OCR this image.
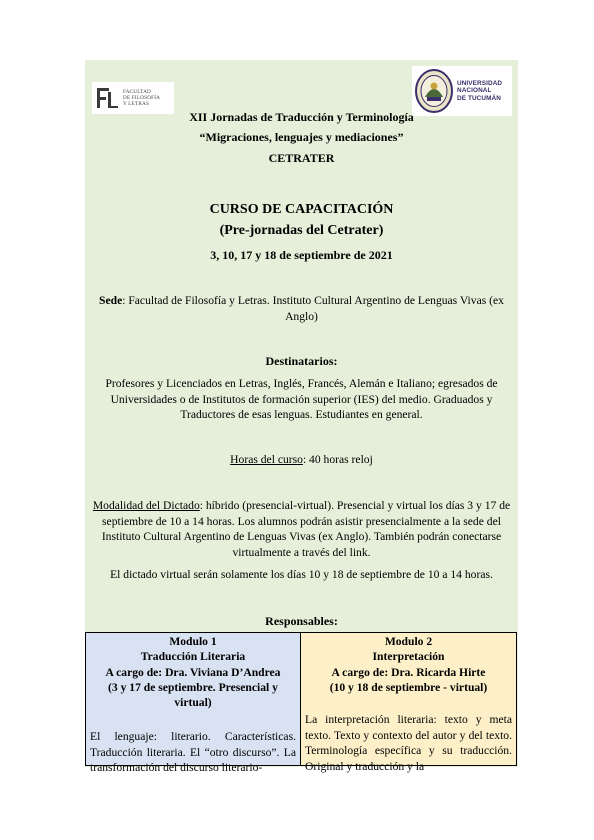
FACULTAD
DE FILOSOFÍA
Y LETRAS
UNIVERSIDAD
NACIONAL
DE TUCUMÁN
XII Jornadas de Traducción y Terminología
“Migraciones, lenguajes y mediaciones”
CETRATER
CURSO DE CAPACITACIÓN
(Pre-jornadas del Cetrater)
3, 10, 17 y 18 de septiembre de 2021
Sede: Facultad de Filosofía y Letras. Instituto Cultural Argentino de Lenguas Vivas (ex Anglo)
Destinatarios:
Profesores y Licenciados en Letras, Inglés, Francés, Alemán e Italiano; egresados de Universidades o de Institutos de formación superior (IES) del medio. Graduados y Traductores de esas lenguas. Estudiantes en general.
Horas del curso: 40 horas reloj
Modalidad del Dictado: híbrido (presencial-virtual). Presencial y virtual los días 3 y 17 de septiembre de 10 a 14 horas. Los alumnos podrán asistir presencialmente a la sede del Instituto Cultural Argentino de Lenguas Vivas (ex Anglo). También podrán conectarse virtualmente a través del link.
El dictado virtual serán solamente los días 10 y 18 de septiembre de 10 a 14 horas.
Responsables:
Modulo 1
Traducción Literaria
A cargo de: Dra. Viviana D’Andrea
(3 y 17 de septiembre. Presencial y virtual)
El lenguaje: literario. Características. Traducción literaria. El “otro discurso”. La transformación del discurso literario-
Modulo 2
Interpretación
A cargo de: Dra. Ricarda Hirte
(10 y 18 de septiembre - virtual)
La interpretación literaria: texto y meta texto. Texto y contexto del autor y del texto. Terminología específica y su traducción. Original y traducción y la
